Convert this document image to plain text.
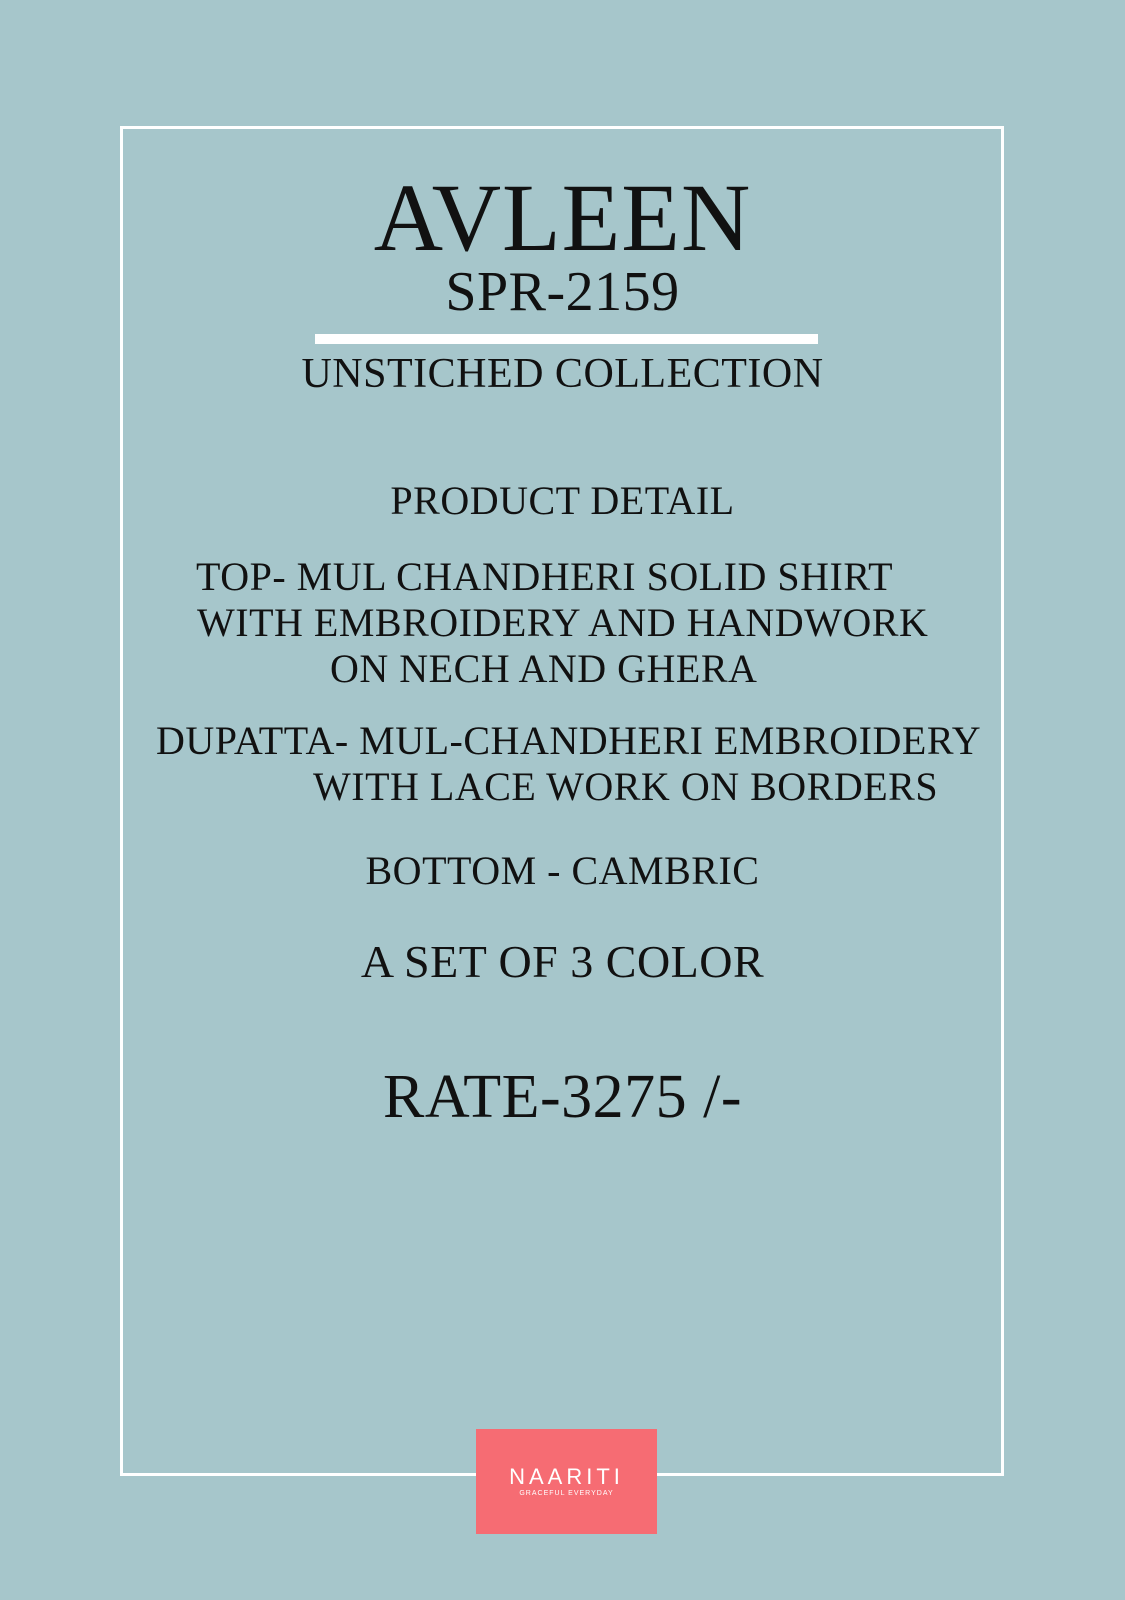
AVLEEN
SPR-2159
UNSTICHED COLLECTION
PRODUCT DETAIL
TOP- MUL CHANDHERI SOLID SHIRT
WITH EMBROIDERY AND HANDWORK
ON NECH AND GHERA
DUPATTA- MUL-CHANDHERI EMBROIDERY
WITH LACE WORK ON BORDERS
BOTTOM - CAMBRIC
A SET OF 3 COLOR
RATE-3275 /-
NAARITI
GRACEFUL EVERYDAY
